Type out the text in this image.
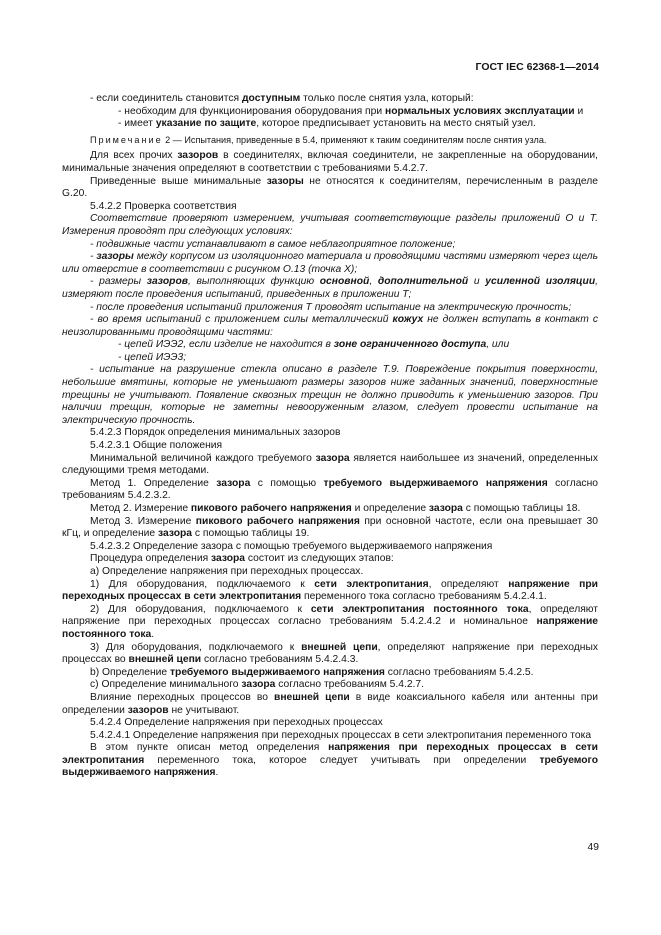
ГОСТ IEC 62368-1—2014

- если соединитель становится доступным только после снятия узла, который:

- необходим для функционирования оборудования при нормальных условиях эксплуатации и

- имеет указание по защите, которое предписывает установить на место снятый узел.

Примечание 2 — Испытания, приведенные в 5.4, применяют к таким соединителям после снятия узла.

Для всех прочих зазоров в соединителях, включая соединители, не закрепленные на оборудовании, минимальные значения определяют в соответствии с требованиями 5.4.2.7.

Приведенные выше минимальные зазоры не относятся к соединителям, перечисленным в разделе G.20.

5.4.2.2 Проверка соответствия

Соответствие проверяют измерением, учитывая соответствующие разделы приложений О и Т. Измерения проводят при следующих условиях:

- подвижные части устанавливают в самое неблагоприятное положение;

- зазоры между корпусом из изоляционного материала и проводящими частями измеряют через щель или отверстие в соответствии с рисунком О.13 (точка X);

- размеры зазоров, выполняющих функцию основной, дополнительной и усиленной изоляции, измеряют после проведения испытаний, приведенных в приложении Т;

- после проведения испытаний приложения Т проводят испытание на электрическую прочность;

- во время испытаний с приложением силы металлический кожух не должен вступать в контакт с неизолированными проводящими частями:

- цепей ИЭЭ2, если изделие не находится в зоне ограниченного доступа, или

- цепей ИЭЭ3;

- испытание на разрушение стекла описано в разделе Т.9. Повреждение покрытия поверхности, небольшие вмятины, которые не уменьшают размеры зазоров ниже заданных значений, поверхностные трещины не учитывают. Появление сквозных трещин не должно приводить к уменьшению зазоров. При наличии трещин, которые не заметны невооруженным глазом, следует провести испытание на электрическую прочность.

5.4.2.3 Порядок определения минимальных зазоров

5.4.2.3.1 Общие положения

Минимальной величиной каждого требуемого зазора является наибольшее из значений, определенных следующими тремя методами.

Метод 1. Определение зазора с помощью требуемого выдерживаемого напряжения согласно требованиям 5.4.2.3.2.

Метод 2. Измерение пикового рабочего напряжения и определение зазора с помощью таблицы 18.

Метод 3. Измерение пикового рабочего напряжения при основной частоте, если она превышает 30 кГц, и определение зазора с помощью таблицы 19.

5.4.2.3.2 Определение зазора с помощью требуемого выдерживаемого напряжения

Процедура определения зазора состоит из следующих этапов:

а) Определение напряжения при переходных процессах.

1) Для оборудования, подключаемого к сети электропитания, определяют напряжение при переходных процессах в сети электропитания переменного тока согласно требованиям 5.4.2.4.1.

2) Для оборудования, подключаемого к сети электропитания постоянного тока, определяют напряжение при переходных процессах согласно требованиям 5.4.2.4.2 и номинальное напряжение постоянного тока.

3) Для оборудования, подключаемого к внешней цепи, определяют напряжение при переходных процессах во внешней цепи согласно требованиям 5.4.2.4.3.

b) Определение требуемого выдерживаемого напряжения согласно требованиям 5.4.2.5.

c) Определение минимального зазора согласно требованиям 5.4.2.7.

Влияние переходных процессов во внешней цепи в виде коаксиального кабеля или антенны при определении зазоров не учитывают.

5.4.2.4 Определение напряжения при переходных процессах

5.4.2.4.1 Определение напряжения при переходных процессах в сети электропитания переменного тока

В этом пункте описан метод определения напряжения при переходных процессах в сети электропитания переменного тока, которое следует учитывать при определении требуемого выдерживаемого напряжения.

49
